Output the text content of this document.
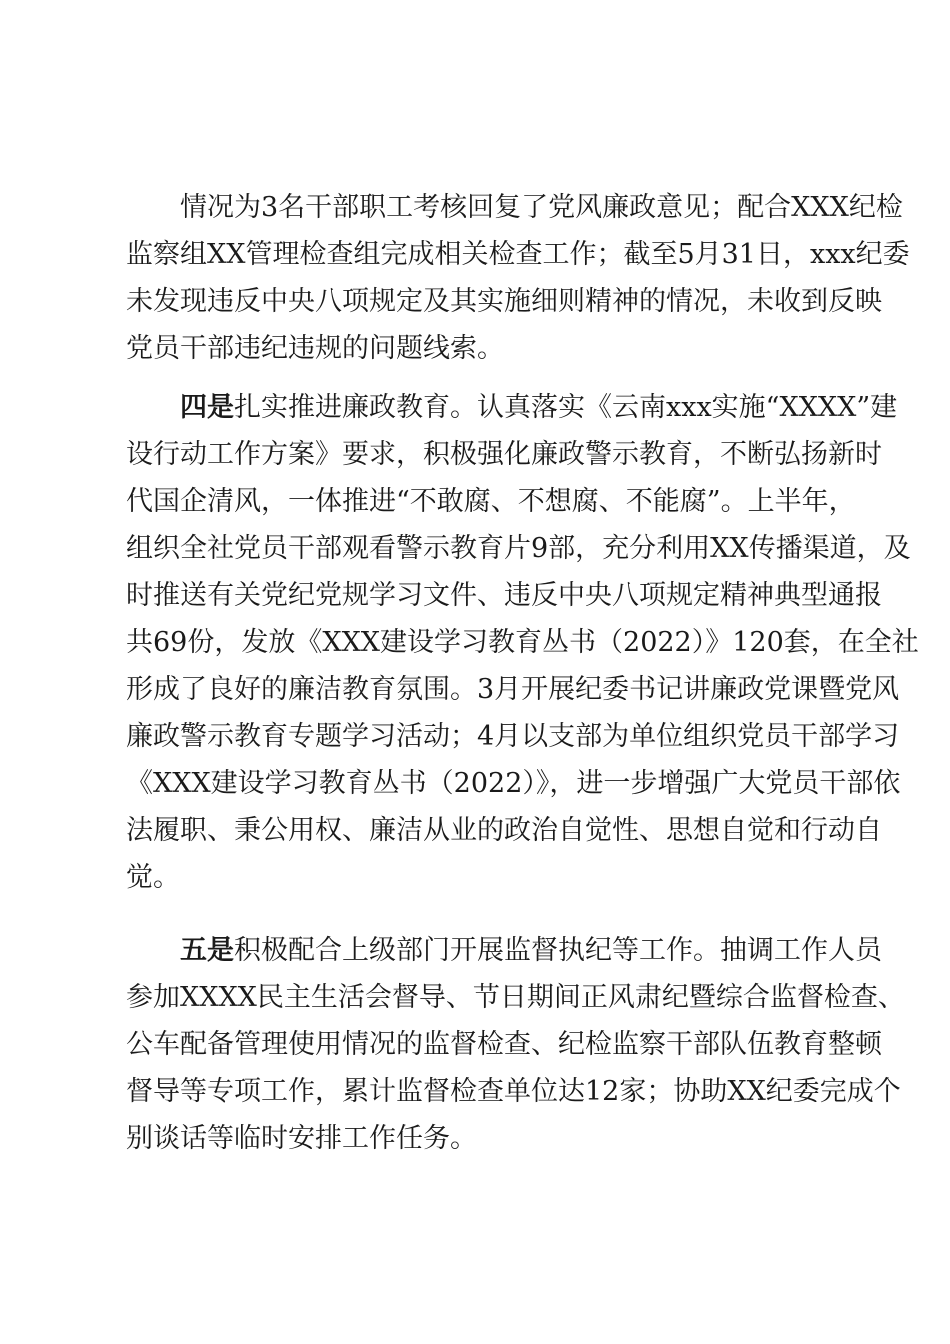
情况为3名干部职工考核回复了党风廉政意见；配合XXX纪检
监察组XX管理检查组完成相关检查工作；截至5月31日，xxx纪委
未发现违反中央八项规定及其实施细则精神的情况，未收到反映
党员干部违纪违规的问题线索。
四是扎实推进廉政教育。认真落实《云南xxx实施“XXXX”建
设行动工作方案》要求，积极强化廉政警示教育，不断弘扬新时
代国企清风，一体推进“不敢腐、不想腐、不能腐”。上半年，
组织全社党员干部观看警示教育片9部，充分利用XX传播渠道，及
时推送有关党纪党规学习文件、违反中央八项规定精神典型通报
共69份，发放《XXX建设学习教育丛书（2022）》120套，在全社
形成了良好的廉洁教育氛围。3月开展纪委书记讲廉政党课暨党风
廉政警示教育专题学习活动；4月以支部为单位组织党员干部学习
《XXX建设学习教育丛书（2022）》，进一步增强广大党员干部依
法履职、秉公用权、廉洁从业的政治自觉性、思想自觉和行动自
觉。
五是积极配合上级部门开展监督执纪等工作。抽调工作人员
参加XXXX民主生活会督导、节日期间正风肃纪暨综合监督检查、
公车配备管理使用情况的监督检查、纪检监察干部队伍教育整顿
督导等专项工作，累计监督检查单位达12家；协助XX纪委完成个
别谈话等临时安排工作任务。
